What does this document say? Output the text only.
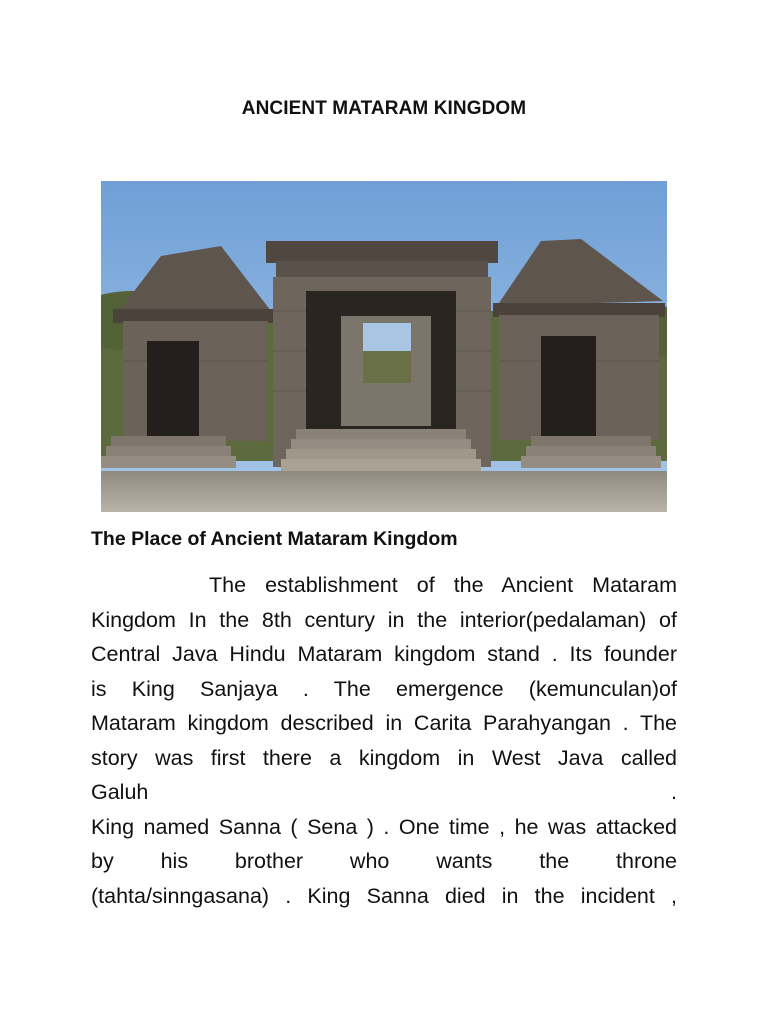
ANCIENT MATARAM KINGDOM
The Place of Ancient Mataram Kingdom
The establishment of the Ancient Mataram
Kingdom In the 8th century in the interior(pedalaman) of
Central Java Hindu Mataram kingdom stand . Its founder
is King Sanjaya . The emergence (kemunculan)of
Mataram kingdom described in Carita Parahyangan . The
story was first there a kingdom in West Java called
Galuh .
King named Sanna ( Sena ) . One time , he was attacked
by his brother who wants the throne
(tahta/sinngasana) . King Sanna died in the incident ,
